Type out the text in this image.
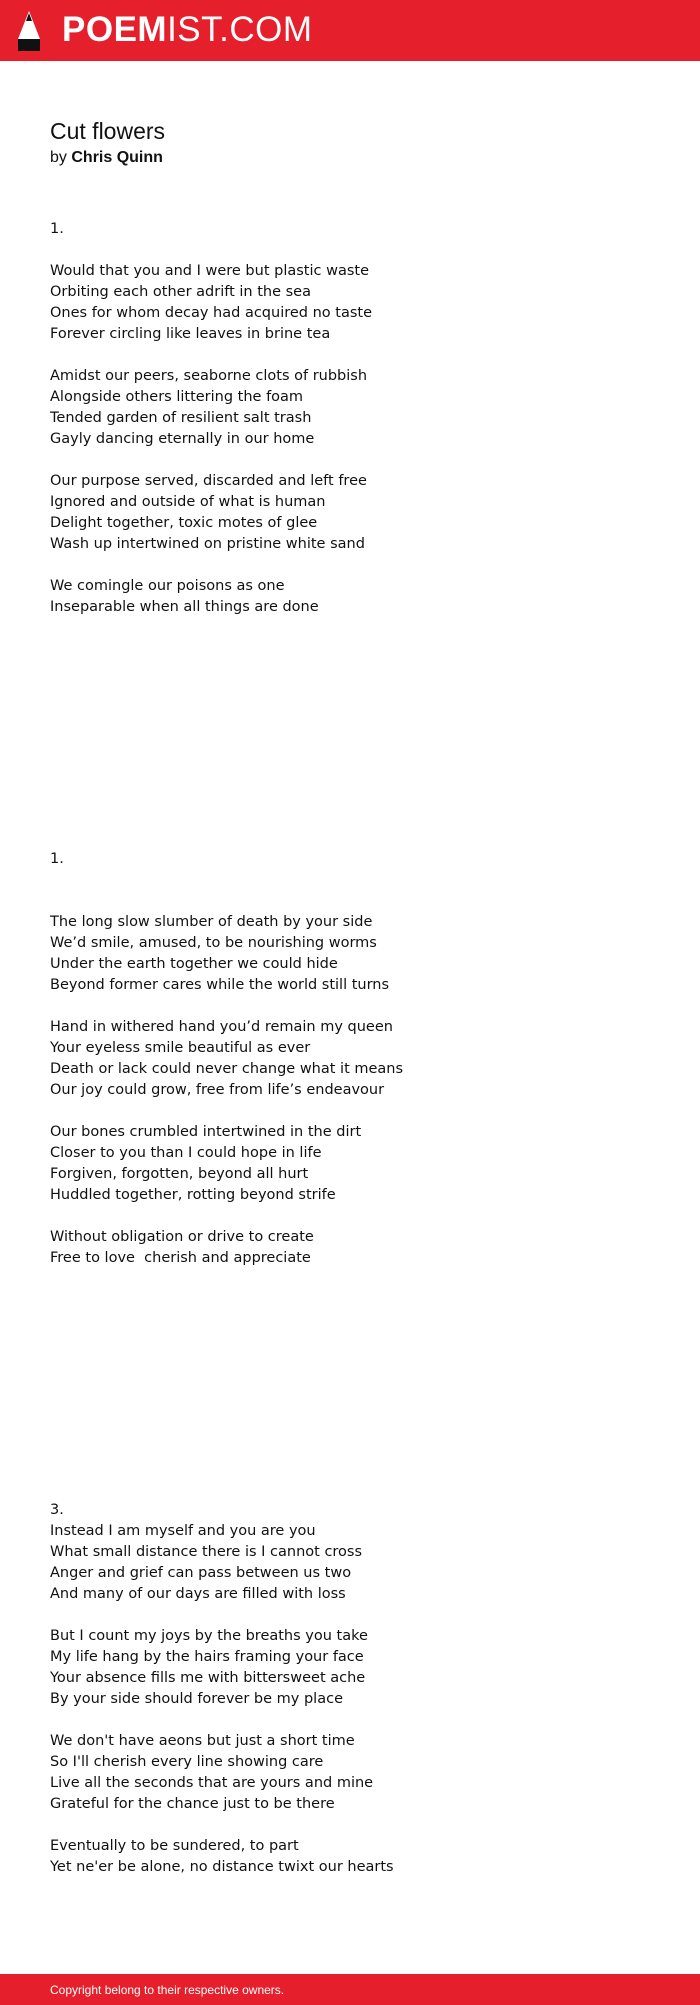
POEMIST.COM
Cut flowers
by Chris Quinn
1.
Would that you and I were but plastic waste
Orbiting each other adrift in the sea
Ones for whom decay had acquired no taste
Forever circling like leaves in brine tea
Amidst our peers, seaborne clots of rubbish
Alongside others littering the foam
Tended garden of resilient salt trash
Gayly dancing eternally in our home
Our purpose served, discarded and left free
Ignored and outside of what is human
Delight together, toxic motes of glee
Wash up intertwined on pristine white sand
We comingle our poisons as one
Inseparable when all things are done
1.
The long slow slumber of death by your side
We’d smile, amused, to be nourishing worms
Under the earth together we could hide
Beyond former cares while the world still turns
Hand in withered hand you’d remain my queen
Your eyeless smile beautiful as ever
Death or lack could never change what it means
Our joy could grow, free from life’s endeavour
Our bones crumbled intertwined in the dirt
Closer to you than I could hope in life
Forgiven, forgotten, beyond all hurt
Huddled together, rotting beyond strife
Without obligation or drive to create
Free to love  cherish and appreciate
3.
Instead I am myself and you are you
What small distance there is I cannot cross
Anger and grief can pass between us two
And many of our days are filled with loss
But I count my joys by the breaths you take
My life hang by the hairs framing your face
Your absence fills me with bittersweet ache
By your side should forever be my place
We don't have aeons but just a short time
So I'll cherish every line showing care
Live all the seconds that are yours and mine
Grateful for the chance just to be there
Eventually to be sundered, to part
Yet ne'er be alone, no distance twixt our hearts
Copyright belong to their respective owners.
